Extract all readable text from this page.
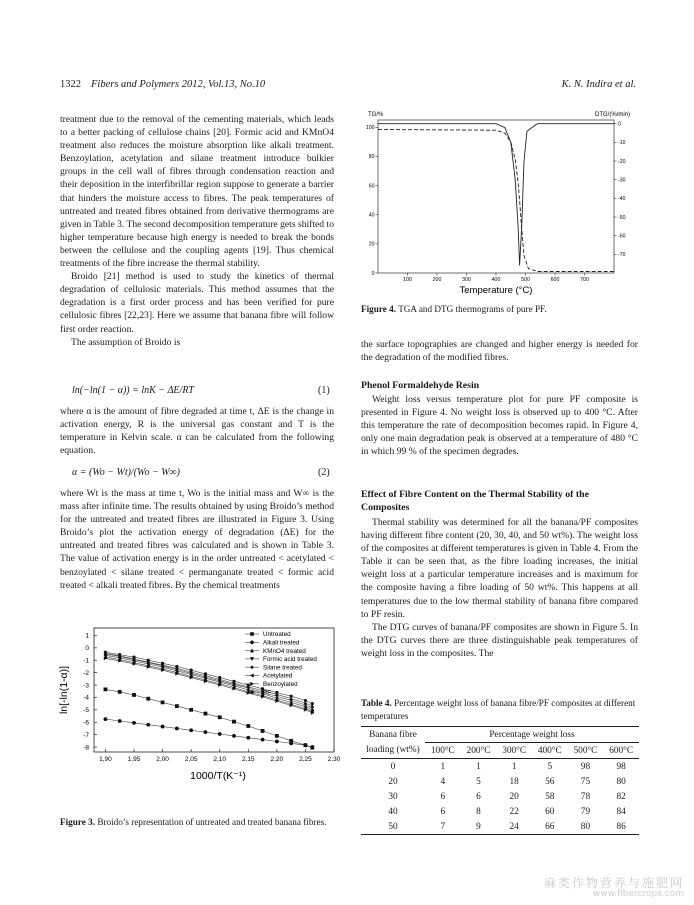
1322 Fibers and Polymers 2012, Vol.13, No.10	K. N. Indira et al.

treatment due to the removal of the cementing materials, which leads to a better packing of cellulose chains [20]. Formic acid and KMnO4 treatment also reduces the moisture absorption like alkali treatment. Benzoylation, acetylation and silane treatment introduce bulkier groups in the cell wall of fibres through condensation reaction and their deposition in the interfibrillar region suppose to generate a barrier that hinders the moisture access to fibres. The peak temperatures of untreated and treated fibres obtained from derivative thermograms are given in Table 3. The second decomposition temperature gets shifted to higher temperature because high energy is needed to break the bonds between the cellulose and the coupling agents [19]. Thus chemical treatments of the fibre increase the thermal stability.

Broido [21] method is used to study the kinetics of thermal degradation of cellulosic materials. This method assumes that the degradation is a first order process and has been verified for pure cellulosic fibres [22,23]. Here we assume that banana fibre will follow first order reaction.

The assumption of Broido is

ln(−ln(1 − α)) = lnK − ΔE/RT	(1)

where α is the amount of fibre degraded at time t, ΔE is the change in activation energy, R is the universal gas constant and T is the temperature in Kelvin scale. α can be calculated from the following equation.

α = (Wo − Wt)/(Wo − W∞)	(2)

where Wt is the mass at time t, Wo is the initial mass and W∞ is the mass after infinite time. The results obtained by using Broido’s method for the untreated and treated fibres are illustrated in Figure 3. Using Broido’s plot the activation energy of degradation (ΔE) for the untreated and treated fibres was calculated and is shown in Table 3. The value of activation energy is in the order untreated < acetylated < benzoylated < silane treated < permanganate treated < formic acid treated < alkali treated fibres. By the chemical treatments

1,90 1,95 2,00 2,05 2,10 2,15 2,20 2,25 2,30
1
0
-1
-2
-3
-4
-5
-6
-7
-8
Untreated
Alkali treated
KMnO4 treated
Formic acid treated
Silane treated
Acetylated
Benzoylated
PF
1000/T(K⁻¹)
ln[-ln(1-α)]
Figure 3. Broido’s representation of untreated and treated banana fibres.
TG/%	DTG/(%/min)
100	200	300	400	500	600	700
0
20
40
60
80
100
0
-10
-20
-30
-40
-50
-60
-70
Temperature (°C)
Figure 4. TGA and DTG thermograms of pure PF.

the surface topographies are changed and higher energy is needed for the degradation of the modified fibres.

Phenol Formaldehyde Resin

Weight loss versus temperature plot for pure PF composite is presented in Figure 4. No weight loss is observed up to 400 °C. After this temperature the rate of decomposition becomes rapid. In Figure 4, only one main degradation peak is observed at a temperature of 480 °C in which 99 % of the specimen degrades.

Effect of Fibre Content on the Thermal Stability of the Composites

Thermal stability was determined for all the banana/PF composites having different fibre content (20, 30, 40, and 50 wt%). The weight loss of the composites at different temperatures is given in Table 4. From the Table it can be seen that, as the fibre loading increases, the initial weight loss at a particular temperature increases and is maximum for the composite having a fibre loading of 50 wt%. This happens at all temperatures due to the low thermal stability of banana fibre compared to PF resin.

The DTG curves of banana/PF composites are shown in Figure 5. In the DTG curves there are three distinguishable peak temperatures of weight loss in the composites. The

Table 4. Percentage weight loss of banana fibre/PF composites at different temperatures
Banana fibre	Percentage weight loss					
loading (wt%)	100°C	200°C	300°C	400°C	500°C	600°C
0	1	1	1	5	98	98
20	4	5	18	56	75	80
30	6	6	20	58	78	82
40	6	8	22	60	79	84
50	7	9	24	66	80	86
麻类作物营养与施肥网
www.fibercrops.com
